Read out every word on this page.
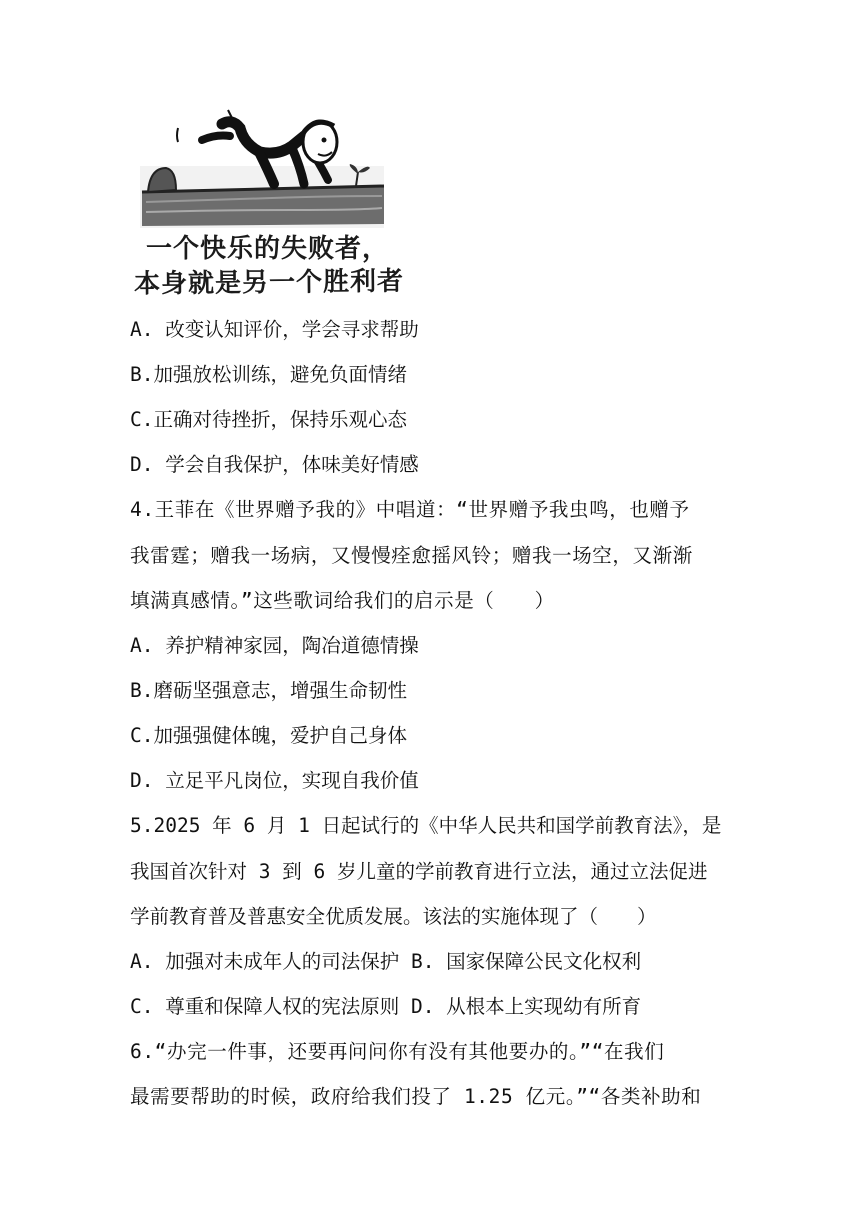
一个快乐的失败者，
本身就是另一个胜利者
A. 改变认知评价，学会寻求帮助
B.加强放松训练，避免负面情绪
C.正确对待挫折，保持乐观心态
D. 学会自我保护，体味美好情感
4.王菲在《世界赠予我的》中唱道：“世界赠予我虫鸣，也赠予
我雷霆；赠我一场病，又慢慢痊愈摇风铃；赠我一场空，又渐渐
填满真感情。”这些歌词给我们的启示是（　　）
A. 养护精神家园，陶冶道德情操
B.磨砺坚强意志，增强生命韧性
C.加强强健体魄，爱护自己身体
D. 立足平凡岗位，实现自我价值
5.2025 年 6 月 1 日起试行的《中华人民共和国学前教育法》，是
我国首次针对 3 到 6 岁儿童的学前教育进行立法，通过立法促进
学前教育普及普惠安全优质发展。该法的实施体现了（　　）
A. 加强对未成年人的司法保护 B. 国家保障公民文化权利
C. 尊重和保障人权的宪法原则 D. 从根本上实现幼有所育
6.“办完一件事，还要再问问你有没有其他要办的。”“在我们
最需要帮助的时候，政府给我们投了 1.25 亿元。”“各类补助和
